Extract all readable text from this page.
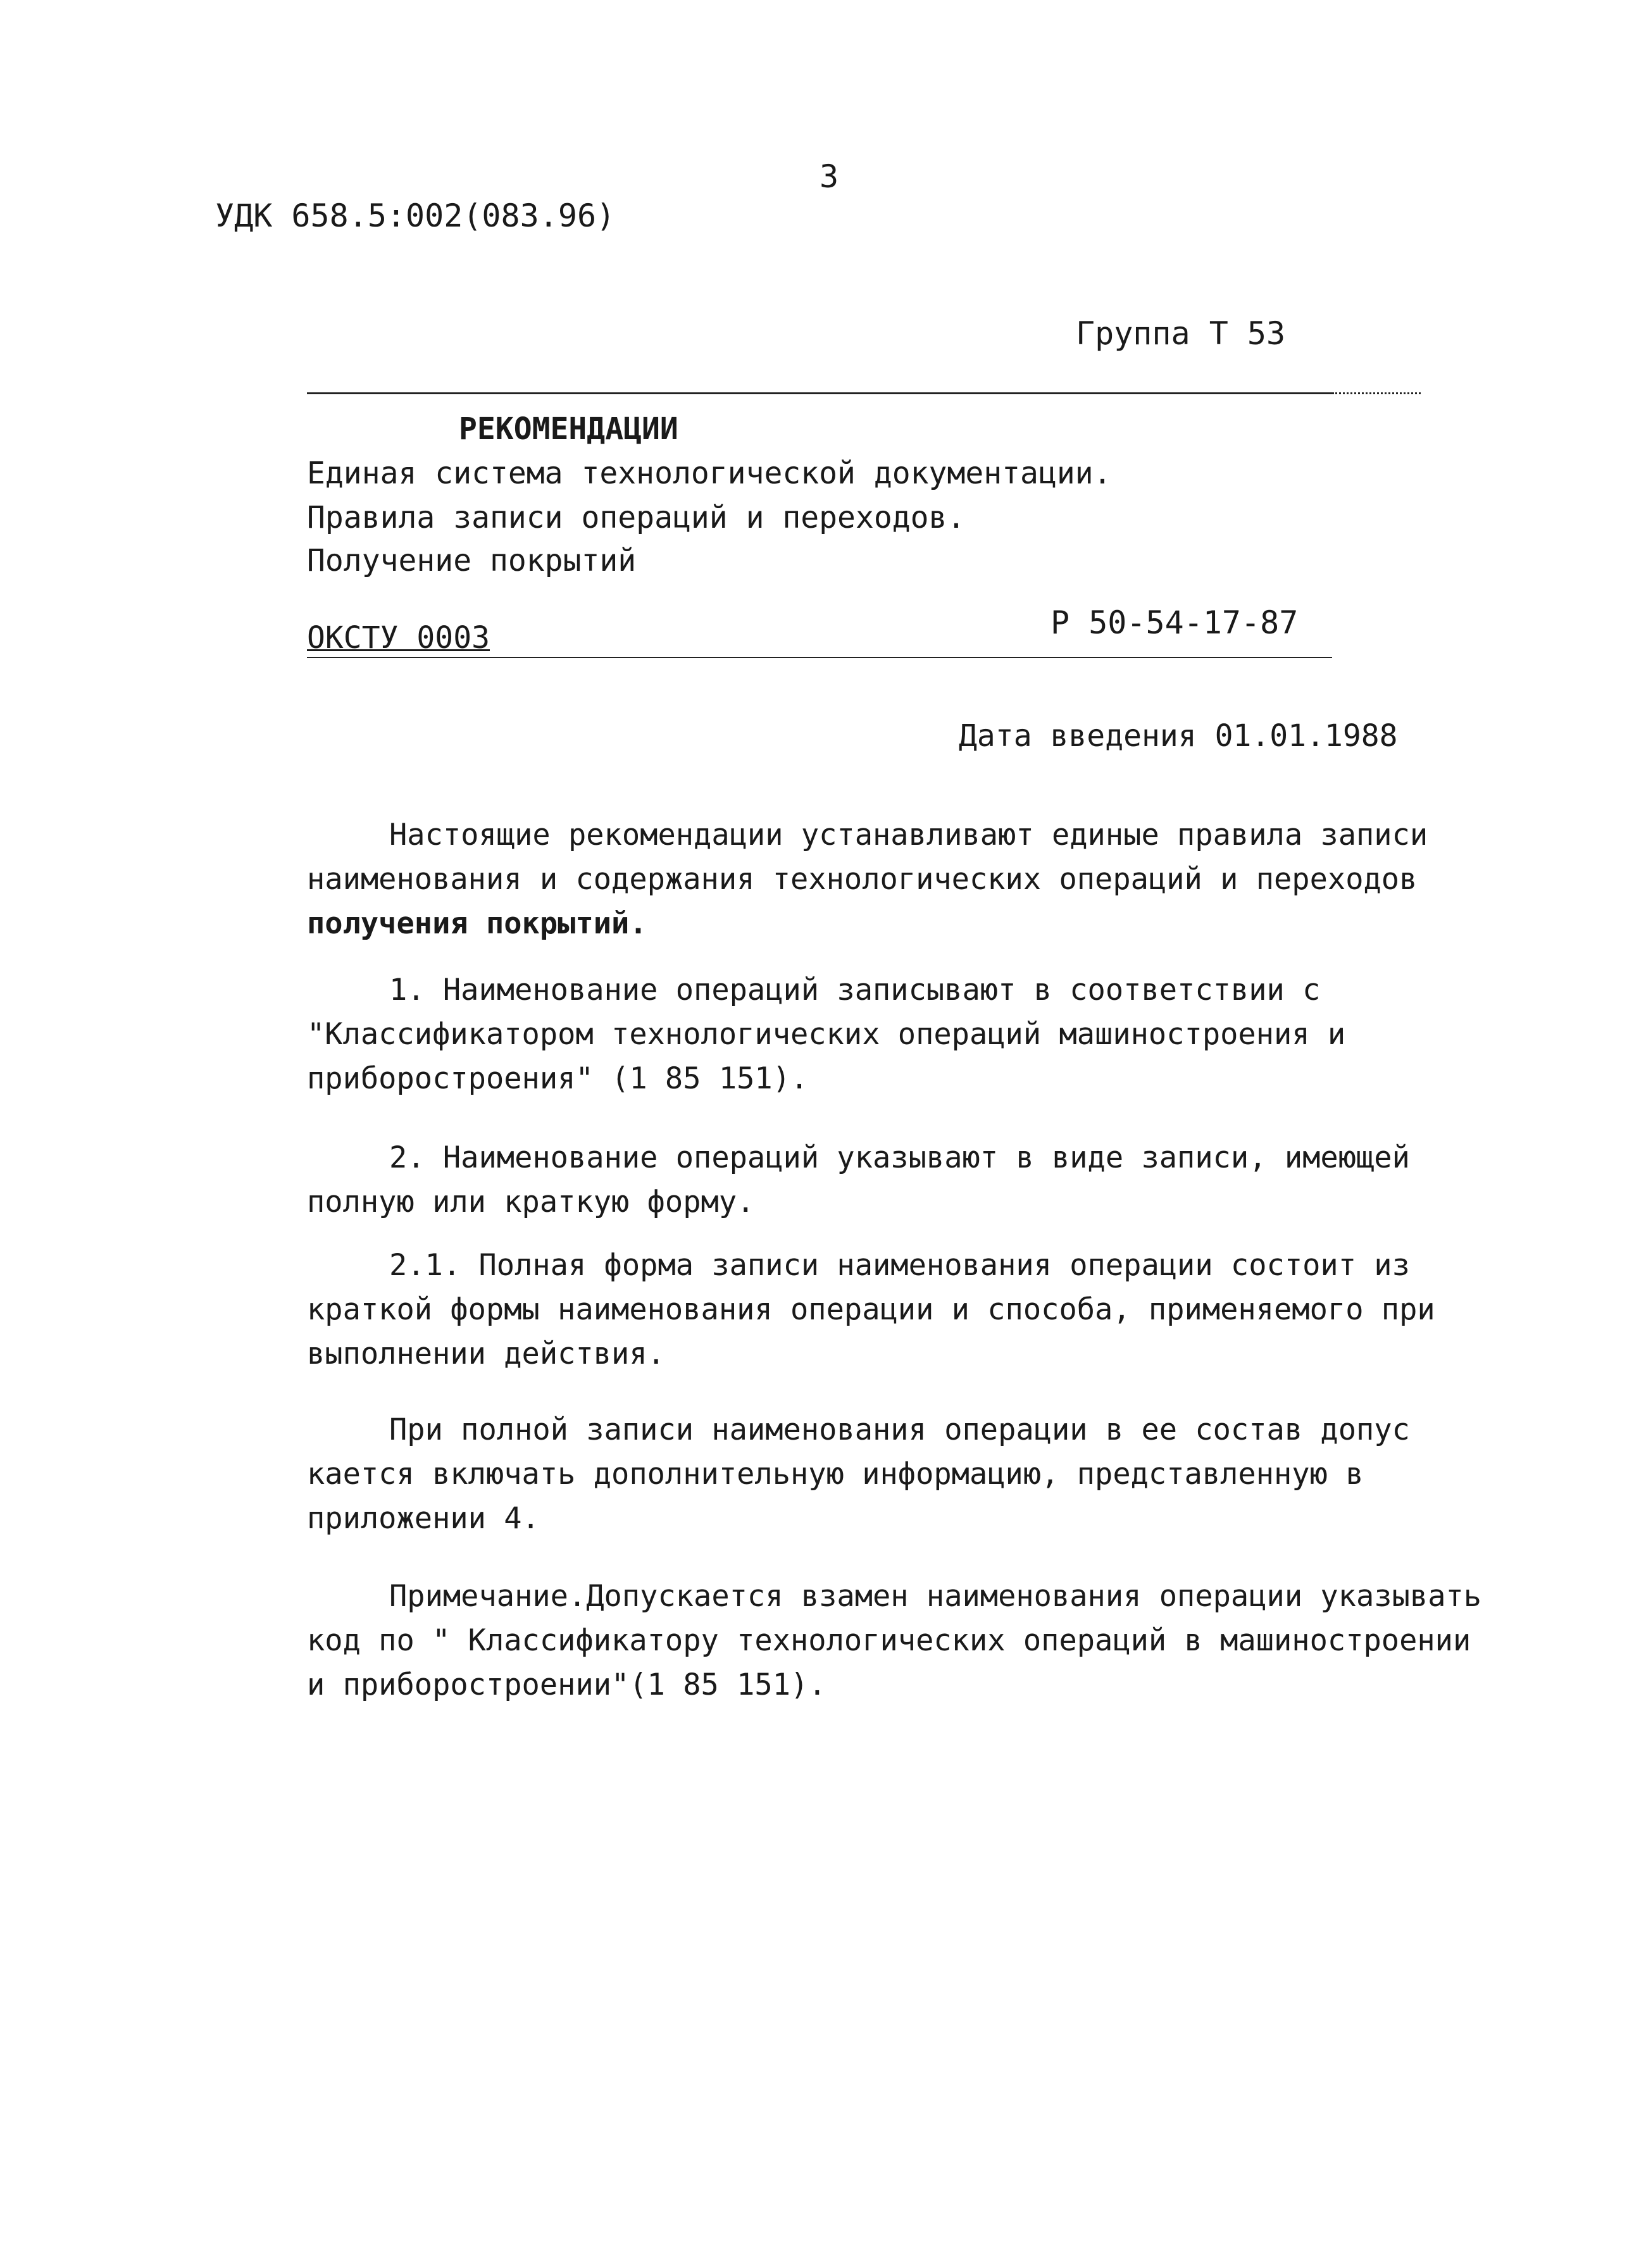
3
УДК 658.5:002(083.96)
Группа Т 53
РЕКОМЕНДАЦИИ
Единая система технологической документации.
Правила записи операций и переходов.
Получение покрытий
ОКСТУ 0003	Р 50-54-17-87
Дата введения 01.01.1988
Настоящие рекомендации устанавливают единые правила записи
наименования и содержания технологических операций и переходов
получения покрытий.
1. Наименование операций записывают в соответствии с
"Классификатором технологических операций машиностроения и
приборостроения" (1 85 151).
2. Наименование операций указывают в виде записи, имеющей
полную или краткую форму.
2.1. Полная форма записи наименования операции состоит из
краткой формы наименования операции и способа, применяемого при
выполнении действия.
При полной записи наименования операции в ее состав допус
кается включать дополнительную информацию, представленную в
приложении 4.
Примечание.Допускается взамен наименования операции указывать
код по " Классификатору технологических операций в машиностроении
и приборостроении"(1 85 151).
